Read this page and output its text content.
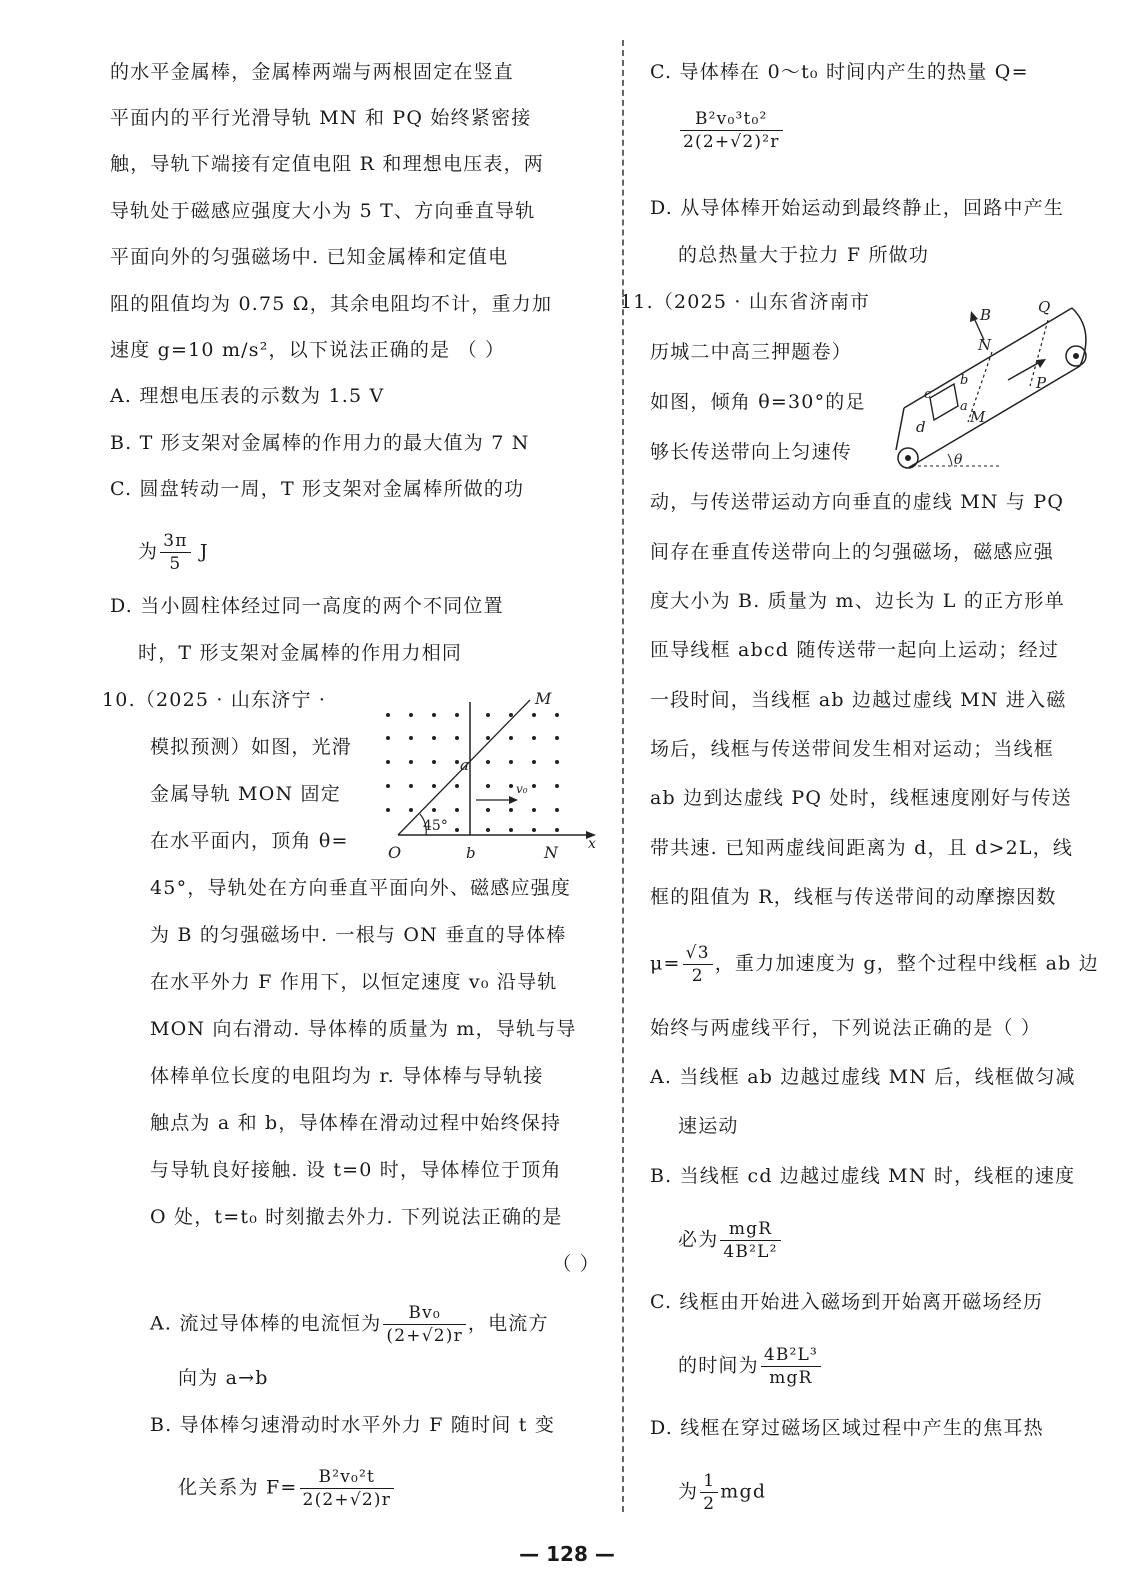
的水平金属棒，金属棒两端与两根固定在竖直
平面内的平行光滑导轨 MN 和 PQ 始终紧密接
触，导轨下端接有定值电阻 R 和理想电压表，两
导轨处于磁感应强度大小为 5 T、方向垂直导轨
平面向外的匀强磁场中. 已知金属棒和定值电
阻的阻值均为 0.75 Ω，其余电阻均不计，重力加
速度 g=10 m/s²，以下说法正确的是 （ ）
A. 理想电压表的示数为 1.5 V
B. T 形支架对金属棒的作用力的最大值为 7 N
C. 圆盘转动一周，T 形支架对金属棒所做的功
为 $\frac{3\pi}{5}$ J
D. 当小圆柱体经过同一高度的两个不同位置
时，T 形支架对金属棒的作用力相同
10.（2025 · 山东济宁 ·
模拟预测）如图，光滑
金属导轨 MON 固定
在水平面内，顶角 θ=
M
a
v₀
45°
O	b	N x
45°，导轨处在方向垂直平面向外、磁感应强度
为 B 的匀强磁场中. 一根与 ON 垂直的导体棒
在水平外力 F 作用下，以恒定速度 v₀ 沿导轨
MON 向右滑动. 导体棒的质量为 m，导轨与导
体棒单位长度的电阻均为 r. 导体棒与导轨接
触点为 a 和 b，导体棒在滑动过程中始终保持
与导轨良好接触. 设 t=0 时，导体棒位于顶角
O 处，t=t₀ 时刻撤去外力. 下列说法正确的是
（ ）
A. 流过导体棒的电流恒为 $\frac{\text{Bv₀}}{(2+√2)r}$ ，电流方
向为 a→b
B. 导体棒匀速滑动时水平外力 F 随时间 t 变
化关系为 $F= \frac{\text{B²v₀²t}}{2(2+√2)r}$
C. 导体棒在 0～t₀ 时间内产生的热量 Q=
$\frac{\text{B²v₀³t₀²}}{\text{2(2+√2)²r}}$
D. 从导体棒开始运动到最终静止，回路中产生
的总热量大于拉力 F 所做功
11.（2025 · 山东省济南市
历城二中高三押题卷）
如图，倾角 θ=30°的足
够长传送带向上匀速传
B	Q
N
b	P
c
a
M
d
θ
动，与传送带运动方向垂直的虚线 MN 与 PQ
间存在垂直传送带向上的匀强磁场，磁感应强
度大小为 B. 质量为 m、边长为 L 的正方形单
匝导线框 abcd 随传送带一起向上运动；经过
一段时间，当线框 ab 边越过虚线 MN 进入磁
场后，线框与传送带间发生相对运动；当线框
ab 边到达虚线 PQ 处时，线框速度刚好与传送
带共速. 已知两虚线间距离为 d，且 d>2L，线
框的阻值为 R，线框与传送带间的动摩擦因数
$\mu= \frac{√3}{2}$ ，重力加速度为 g，整个过程中线框 ab 边
始终与两虚线平行，下列说法正确的是（ ）
A. 当线框 ab 边越过虚线 MN 后，线框做匀减
速运动
B. 当线框 cd 边越过虚线 MN 时，线框的速度
必为 $\frac{\text{mgR}}{\text{4B²L²}}$
C. 线框由开始进入磁场到开始离开磁场经历
的时间为 $\frac{\text{4B²L³}}{\text{mgR}}$
D. 线框在穿过磁场区域过程中产生的焦耳热
为 $\frac{1}{2}$ mgd
— 128 —
